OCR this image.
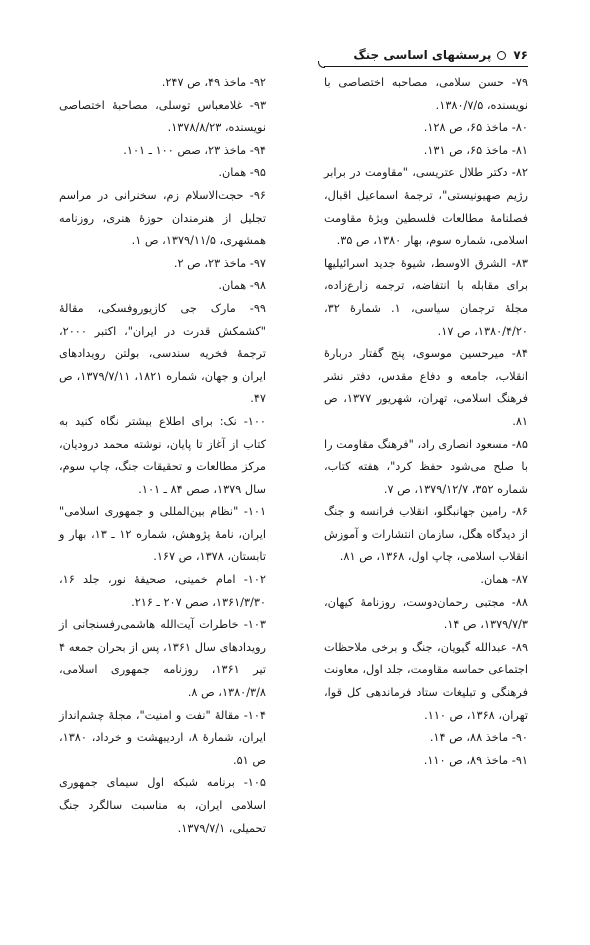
۷۶
پرسشهای اساسی جنگ
۷۹- حسن سلامی، مصاحبه اختصاصی با نویسنده، ۱۳۸۰/۷/۵.
۸۰- ماخذ ۶۵، ص ۱۲۸.
۸۱- ماخذ ۶۵، ص ۱۳۱.
۸۲- دکتر طلال عتریسی، "مقاومت در برابر رژیم صهیونیستی"، ترجمهٔ اسماعیل اقبال، فصلنامهٔ مطالعات فلسطین ویژهٔ مقاومت اسلامی، شماره سوم، بهار ۱۳۸۰، ص ۳۵.
۸۳- الشرق الاوسط، شیوهٔ جدید اسرائیلیها برای مقابله با انتفاضه، ترجمه زارع‌زاده، مجلهٔ ترجمان سیاسی، ۱. شمارهٔ ۳۲، ۱۳۸۰/۴/۲۰، ص ۱۷.
۸۴- میرحسین موسوی، پنج گفتار دربارهٔ انقلاب، جامعه و دفاع مقدس، دفتر نشر فرهنگ اسلامی، تهران، شهریور ۱۳۷۷، ص ۸۱.
۸۵- مسعود انصاری راد، "فرهنگ مقاومت را با صلح می‌شود حفظ کرد"، هفته کتاب، شماره ۳۵۲، ۱۳۷۹/۱۲/۷، ص ۷.
۸۶- رامین جهانبگلو، انقلاب فرانسه و جنگ از دیدگاه هگل، سازمان انتشارات و آموزش انقلاب اسلامی، چاپ اول، ۱۳۶۸، ص ۸۱.
۸۷- همان.
۸۸- مجتبی رحمان‌دوست، روزنامهٔ کیهان، ۱۳۷۹/۷/۳، ص ۱۴.
۸۹- عبدالله گیویان، جنگ و برخی ملاحظات اجتماعی حماسه مقاومت، جلد اول، معاونت فرهنگی و تبلیغات ستاد فرماندهی کل قوا، تهران، ۱۳۶۸، ص ۱۱۰.
۹۰- ماخذ ۸۸، ص ۱۴.
۹۱- ماخذ ۸۹، ص ۱۱۰.
۹۲- ماخذ ۴۹، ص ۲۴۷.
۹۳- غلامعباس توسلی، مصاحبهٔ اختصاصی نویسنده، ۱۳۷۸/۸/۲۳.
۹۴- ماخذ ۲۳، صص ۱۰۰ ـ ۱۰۱.
۹۵- همان.
۹۶- حجت‌الاسلام زم، سخنرانی در مراسم تجلیل از هنرمندان حوزهٔ هنری، روزنامه همشهری، ۱۳۷۹/۱۱/۵، ص ۱.
۹۷- ماخذ ۲۳، ص ۲.
۹۸- همان.
۹۹- مارک جی کازیوروفسکی، مقالهٔ "کشمکش قدرت در ایران"، اکتبر ۲۰۰۰، ترجمهٔ فخریه سندسی، بولتن رویدادهای ایران و جهان، شماره ۱۸۲۱، ۱۳۷۹/۷/۱۱، ص ۴۷.
۱۰۰- نک: برای اطلاع بیشتر نگاه کنید به کتاب از آغاز تا پایان، نوشته محمد درودیان، مرکز مطالعات و تحقیقات جنگ، چاپ سوم، سال ۱۳۷۹، صص ۸۴ ـ ۱۰۱.
۱۰۱- "نظام بین‌المللی و جمهوری اسلامی" ایران، نامهٔ پژوهش، شماره ۱۲ ـ ۱۳، بهار و تابستان، ۱۳۷۸، ص ۱۶۷.
۱۰۲- امام خمینی، صحیفهٔ نور، جلد ۱۶، ۱۳۶۱/۳/۳۰، صص ۲۰۷ ـ ۲۱۶.
۱۰۳- خاطرات آیت‌الله هاشمی‌رفسنجانی از رویدادهای سال ۱۳۶۱، پس از بحران جمعه ۴ تیر ۱۳۶۱، روزنامه جمهوری اسلامی، ۱۳۸۰/۳/۸، ص ۸.
۱۰۴- مقالهٔ "نفت و امنیت"، مجلهٔ چشم‌انداز ایران، شمارهٔ ۸، اردیبهشت و خرداد، ۱۳۸۰، ص ۵۱.
۱۰۵- برنامه شبکه اول سیمای جمهوری اسلامی ایران، به مناسبت سالگرد جنگ تحمیلی، ۱۳۷۹/۷/۱.
